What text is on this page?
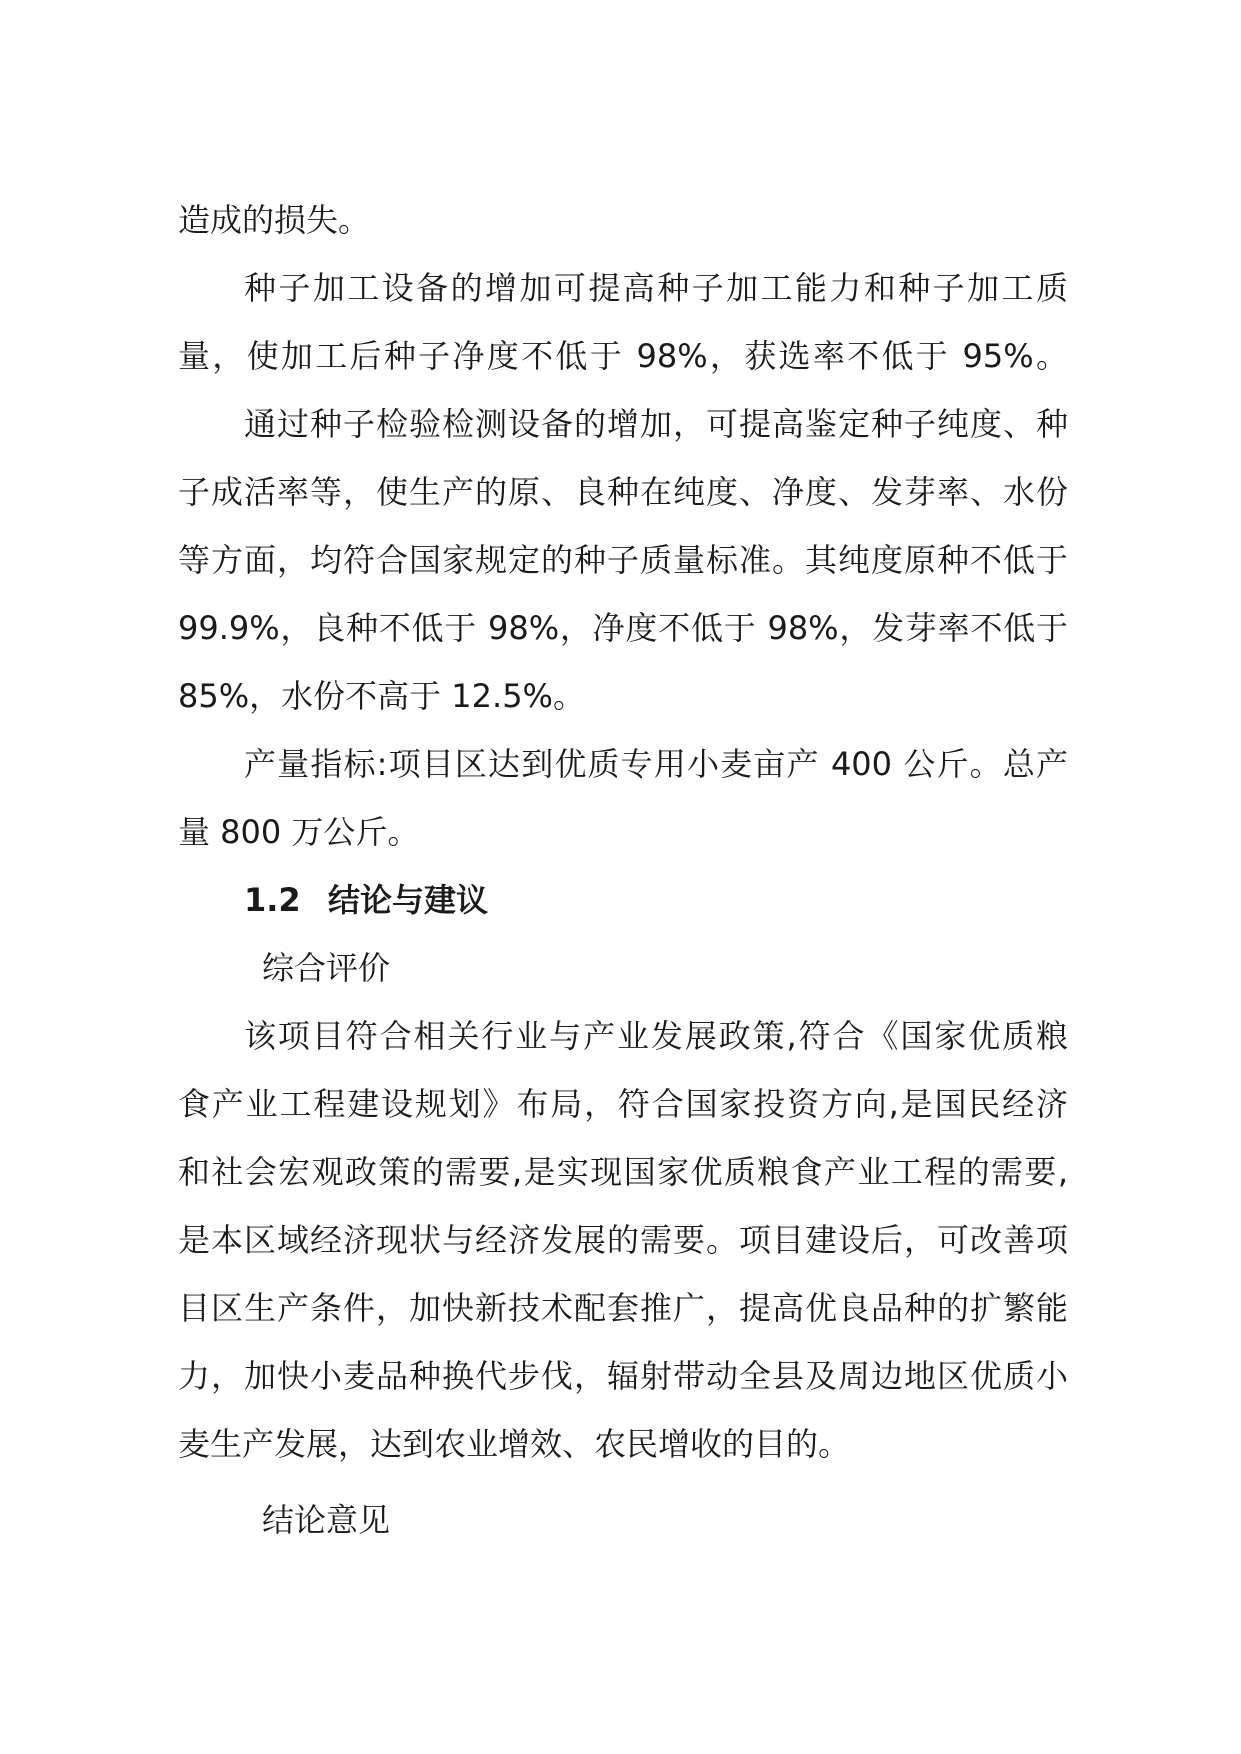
造成的损失。
种子加工设备的增加可提高种子加工能力和种子加工质
量，使加工后种子净度不低于 98%，获选率不低于 95%。
通过种子检验检测设备的增加，可提高鉴定种子纯度、种
子成活率等，使生产的原、良种在纯度、净度、发芽率、水份
等方面，均符合国家规定的种子质量标准。其纯度原种不低于
99.9%，良种不低于 98%，净度不低于 98%，发芽率不低于
85%，水份不高于 12.5%。
产量指标:项目区达到优质专用小麦亩产 400 公斤。总产
量 800 万公斤。
1.2 结论与建议
综合评价
该项目符合相关行业与产业发展政策,符合《国家优质粮
食产业工程建设规划》布局，符合国家投资方向,是国民经济
和社会宏观政策的需要,是实现国家优质粮食产业工程的需要,
是本区域经济现状与经济发展的需要。项目建设后，可改善项
目区生产条件，加快新技术配套推广，提高优良品种的扩繁能
力，加快小麦品种换代步伐，辐射带动全县及周边地区优质小
麦生产发展，达到农业增效、农民增收的目的。
结论意见
